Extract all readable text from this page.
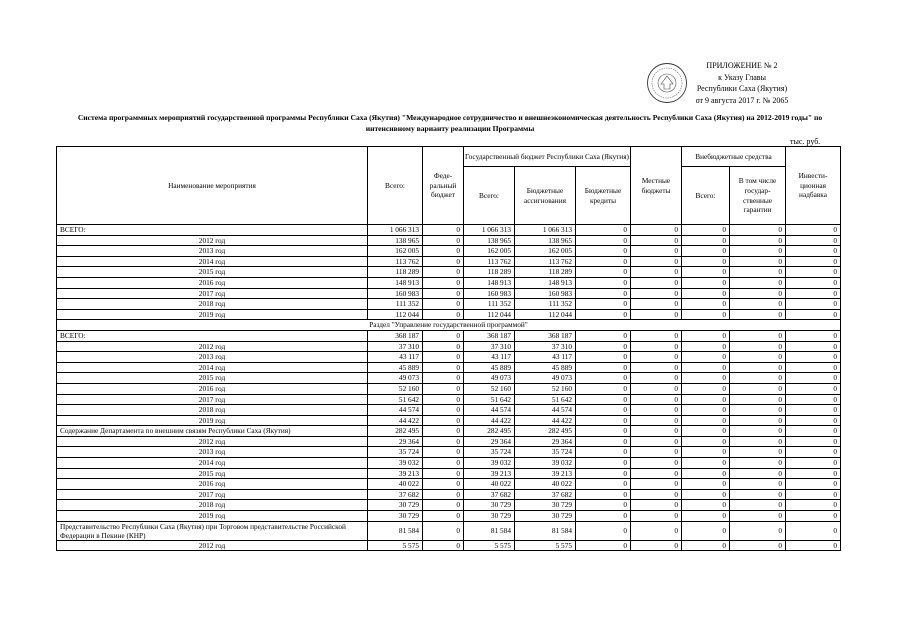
ПРИЛОЖЕНИЕ № 2
к Указу Главы
Республики Саха (Якутия)
от 9 августа 2017 г. № 2065
Система программных мероприятий государственной программы Республики Саха (Якутия) "Международное сотрудничество и внешнеэкономическая деятельность Республики Саха (Якутия) на 2012-2019 годы" по интенсивному варианту реализации Программы
тыс. руб.
Наименование мероприятия	Всего:	Феде-ральный бюджет	Государственный бюджет Республики Саха (Якутия)			Местные бюджеты	Внебюджетные средства		Инвести-ционная надбавка

			Всего:	Бюджетные ассигнования	Бюджетные кредиты		Всего:	В том числе государ-ственные гарантии	
ВСЕГО:	1 066 313	0	1 066 313	1 066 313	0	0	0	0	0
2012 год	138 965	0	138 965	138 965	0	0	0	0	0
2013 год	162 005	0	162 005	162 005	0	0	0	0	0
2014 год	113 762	0	113 762	113 762	0	0	0	0	0
2015 год	118 289	0	118 289	118 289	0	0	0	0	0
2016 год	148 913	0	148 913	148 913	0	0	0	0	0
2017 год	160 983	0	160 983	160 983	0	0	0	0	0
2018 год	111 352	0	111 352	111 352	0	0	0	0	0
2019 год	112 044	0	112 044	112 044	0	0	0	0	0
Раздел "Управление государственной программой"									
ВСЕГО:	368 187	0	368 187	368 187	0	0	0	0	0
2012 год	37 310	0	37 310	37 310	0	0	0	0	0
2013 год	43 117	0	43 117	43 117	0	0	0	0	0
2014 год	45 889	0	45 889	45 889	0	0	0	0	0
2015 год	49 073	0	49 073	49 073	0	0	0	0	0
2016 год	52 160	0	52 160	52 160	0	0	0	0	0
2017 год	51 642	0	51 642	51 642	0	0	0	0	0
2018 год	44 574	0	44 574	44 574	0	0	0	0	0
2019 год	44 422	0	44 422	44 422	0	0	0	0	0
Содержание Департамента по внешним связям Республики Саха (Якутия)	282 495	0	282 495	282 495	0	0	0	0	0
2012 год	29 364	0	29 364	29 364	0	0	0	0	0
2013 год	35 724	0	35 724	35 724	0	0	0	0	0
2014 год	39 032	0	39 032	39 032	0	0	0	0	0
2015 год	39 213	0	39 213	39 213	0	0	0	0	0
2016 год	40 022	0	40 022	40 022	0	0	0	0	0
2017 год	37 682	0	37 682	37 682	0	0	0	0	0
2018 год	30 729	0	30 729	30 729	0	0	0	0	0
2019 год	30 729	0	30 729	30 729	0	0	0	0	0
Представительство Республики Саха (Якутия) при Торговом представительстве Российской Федерации в Пекине (КНР)	81 584	0	81 584	81 584	0	0	0	0	0
2012 год	5 575	0	5 575	5 575	0	0	0	0	0
